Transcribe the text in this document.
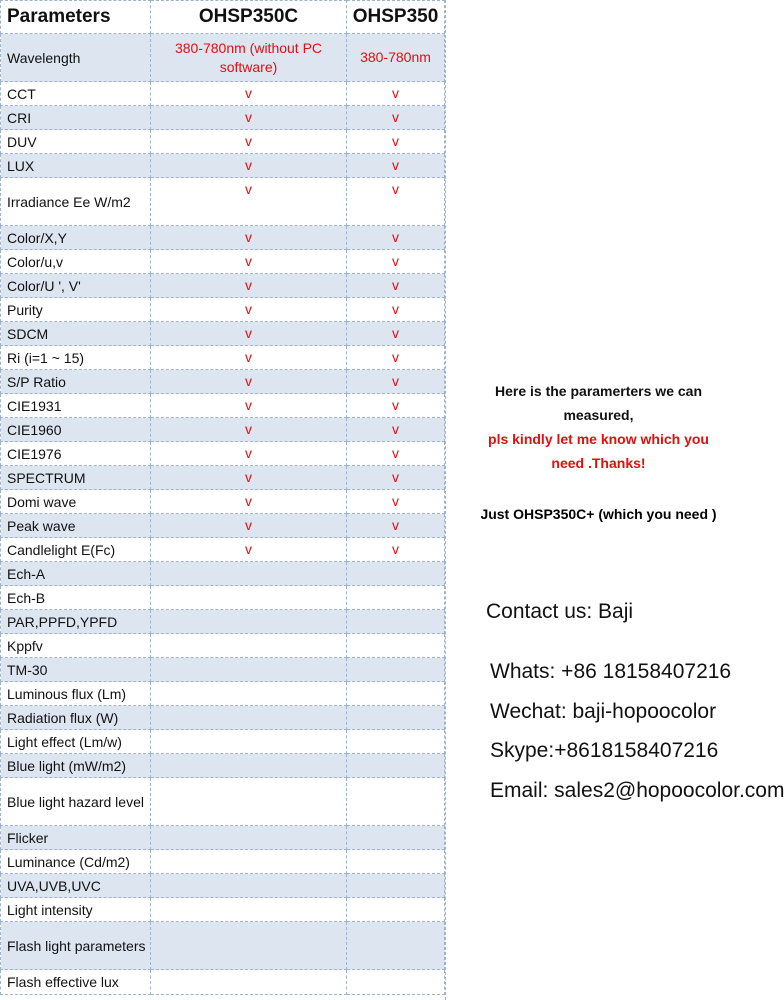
Parameters	OHSP350C	OHSP350
Wavelength	380-780nm (without PC software)	380-780nm
CCT	v	v
CRI	v	v
DUV	v	v
LUX	v	v
Irradiance Ee W/m2	v	v
Color/X,Y	v	v
Color/u,v	v	v
Color/U ', V'	v	v
Purity	v	v
SDCM	v	v
Ri (i=1 ~ 15)	v	v
S/P Ratio	v	v
CIE1931	v	v
CIE1960	v	v
CIE1976	v	v
SPECTRUM	v	v
Domi wave	v	v
Peak wave	v	v
Candlelight E(Fc)	v	v
Ech-A		
Ech-B		
PAR,PPFD,YPFD		
Kppfv		
TM-30		
Luminous flux (Lm)		
Radiation flux (W)		
Light effect (Lm/w)		
Blue light (mW/m2)		
Blue light hazard level		
Flicker		
Luminance (Cd/m2)		
UVA,UVB,UVC		
Light intensity		
Flash light parameters		
Flash effective lux		
Here is the paramerters we can measured,
pls kindly let me know which you need .Thanks!
Just OHSP350C+ (which you need )
Contact us: Baji
Whats: +86 18158407216
Wechat: baji-hopoocolor
Skype:+8618158407216
Email: sales2@hopoocolor.com
